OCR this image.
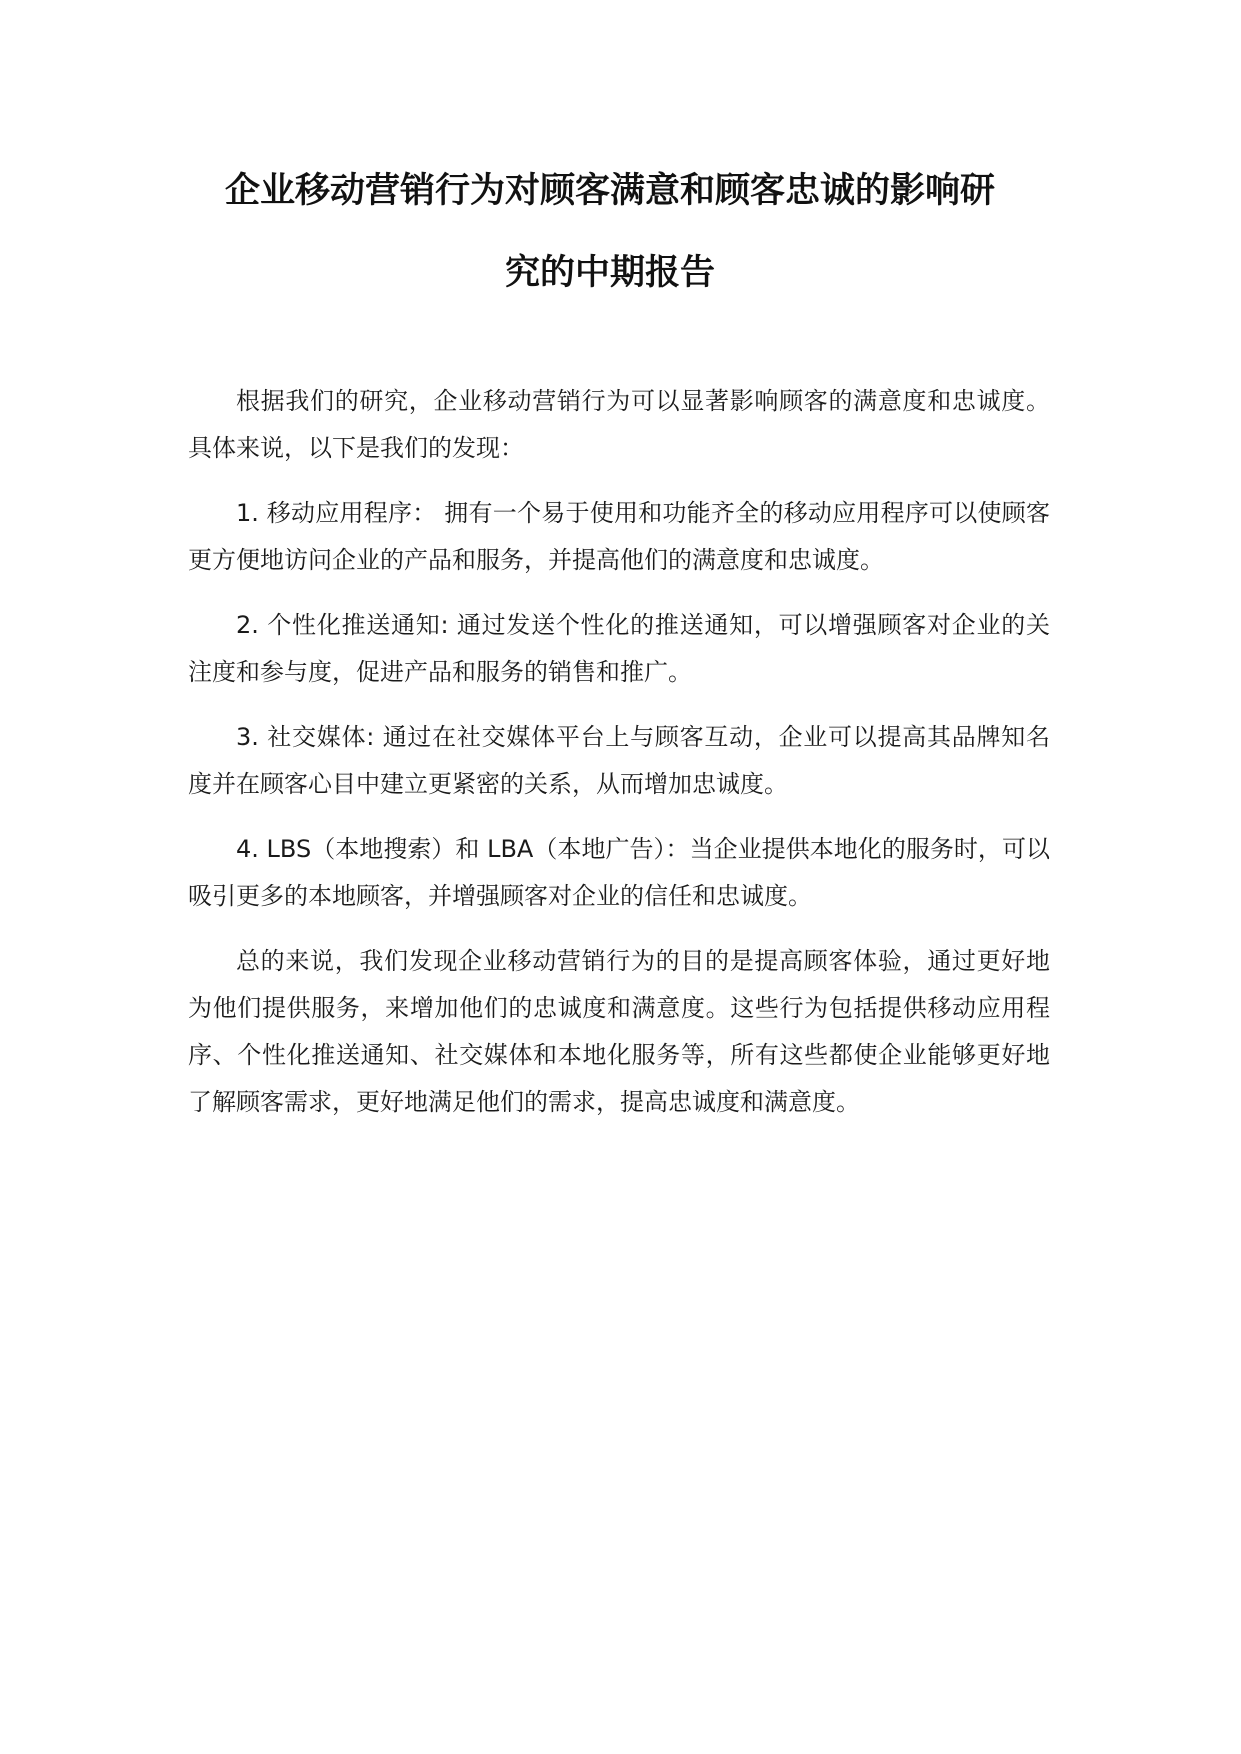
企业移动营销行为对顾客满意和顾客忠诚的影响研
究的中期报告

根据我们的研究，企业移动营销行为可以显著影响顾客的满意度和忠诚度。具体来说，以下是我们的发现：

1. 移动应用程序： 拥有一个易于使用和功能齐全的移动应用程序可以使顾客更方便地访问企业的产品和服务，并提高他们的满意度和忠诚度。

2. 个性化推送通知: 通过发送个性化的推送通知，可以增强顾客对企业的关注度和参与度，促进产品和服务的销售和推广。

3. 社交媒体: 通过在社交媒体平台上与顾客互动，企业可以提高其品牌知名度并在顾客心目中建立更紧密的关系，从而增加忠诚度。

4. LBS（本地搜索）和 LBA（本地广告）：当企业提供本地化的服务时，可以吸引更多的本地顾客，并增强顾客对企业的信任和忠诚度。

总的来说，我们发现企业移动营销行为的目的是提高顾客体验，通过更好地为他们提供服务，来增加他们的忠诚度和满意度。这些行为包括提供移动应用程序、个性化推送通知、社交媒体和本地化服务等，所有这些都使企业能够更好地了解顾客需求，更好地满足他们的需求，提高忠诚度和满意度。
